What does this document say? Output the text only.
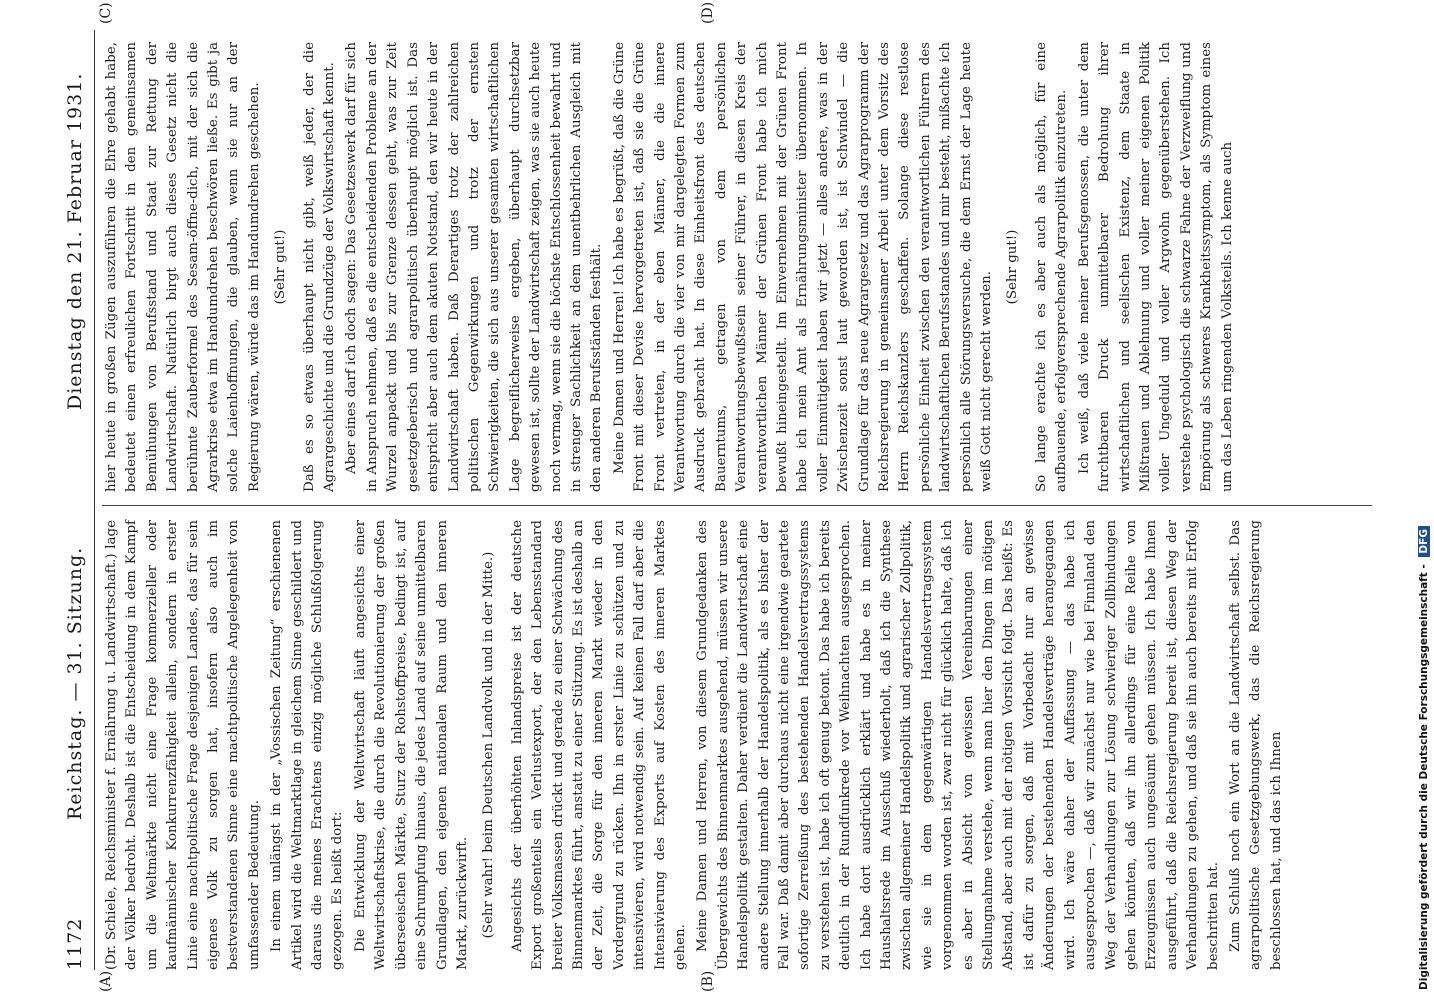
1172
Reichstag. — 31. Sitzung.
Dienstag den 21. Februar 1931.
(A)	(B)
(C)	(D)

(Dr. Schiele, Reichsminister f. Ernährung u. Landwirtschaft.) lage der Völker bedroht. Deshalb ist die Entscheidung in dem Kampf um die Weltmärkte nicht eine Frage kommerzieller oder kaufmännischer Konkurrenzfähigkeit allein, sondern in erster Linie eine machtpolitische Frage desjenigen Landes, das für sein eigenes Volk zu sorgen hat, insofern also auch im bestverstandenen Sinne eine machtpolitische Angelegenheit von umfassender Bedeutung. In einem unlängst in der „Vossischen Zeitung“ erschienenen Artikel wird die Weltmarktlage in gleichem Sinne geschildert und daraus die meines Erachtens einzig mögliche Schlußfolgerung gezogen. Es heißt dort: Die Entwicklung der Weltwirtschaft läuft angesichts einer Weltwirtschaftskrise, die durch die Revolutionierung der großen überseeischen Märkte, Sturz der Rohstoffpreise, bedingt ist, auf eine Schrumpfung hinaus, die jedes Land auf seine unmittelbaren Grundlagen, den eigenen nationalen Raum und den inneren Markt, zurückwirft. (Sehr wahr! beim Deutschen Landvolk und in der Mitte.) Angesichts der überhöhten Inlandspreise ist der deutsche Export großenteils ein Verlustexport, der den Lebensstandard breiter Volksmassen drückt und gerade zu einer Schwächung des Binnenmarktes führt, anstatt zu einer Stützung. Es ist deshalb an der Zeit, die Sorge für den inneren Markt wieder in den Vordergrund zu rücken. Ihn in erster Linie zu schützen und zu intensivieren, wird notwendig sein. Auf keinen Fall darf aber die Intensivierung des Exports auf Kosten des inneren Marktes gehen. Meine Damen und Herren, von diesem Grundgedanken des Übergewichts des Binnenmarktes ausgehend, müssen wir unsere Handelspolitik gestalten. Daher verdient die Landwirtschaft eine andere Stellung innerhalb der Handelspolitik, als es bisher der Fall war. Daß damit aber durchaus nicht eine irgendwie geartete sofortige Zerreißung des bestehenden Handelsvertragssystems zu verstehen ist, habe ich oft genug betont. Das habe ich bereits deutlich in der Rundfunkrede vor Weihnachten ausgesprochen. Ich habe dort ausdrücklich erklärt und habe es in meiner Haushaltsrede im Ausschuß wiederholt, daß ich die Synthese zwischen allgemeiner Handelspolitik und agrarischer Zollpolitik, wie sie in dem gegenwärtigen Handelsvertragssystem vorgenommen worden ist, zwar nicht für glücklich halte, daß ich es aber in Absicht von gewissen Vereinbarungen einer Stellungnahme verstehe, wenn man hier den Dingen im nötigen Abstand, aber auch mit der nötigen Vorsicht folgt. Das heißt: Es ist dafür zu sorgen, daß mit Vorbedacht nur an gewisse Änderungen der bestehenden Handelsverträge herangegangen wird. Ich wäre daher der Auffassung — das habe ich ausgesprochen —, daß wir zunächst nur wie bei Finnland den Weg der Verhandlungen zur Lösung schwieriger Zollbindungen gehen könnten, daß wir ihn allerdings für eine Reihe von Erzeugnissen auch ungesäumt gehen müssen. Ich habe Ihnen ausgeführt, daß die Reichsregierung bereit ist, diesen Weg der Verhandlungen zu gehen, und daß sie ihn auch bereits mit Erfolg beschritten hat. Zum Schluß noch ein Wort an die Landwirtschaft selbst. Das agrarpolitische Gesetzgebungswerk, das die Reichsregierung beschlossen hat, und das ich Ihnen

hier heute in großen Zügen auszuführen die Ehre gehabt habe, bedeutet einen erfreulichen Fortschritt in den gemeinsamen Bemühungen von Berufsstand und Staat zur Rettung der Landwirtschaft. Natürlich birgt auch dieses Gesetz nicht die berühmte Zauberformel des Sesam-öffne-dich, mit der sich die Agrarkrise etwa im Handumdrehen beschwören ließe. Es gibt ja solche Laienhoffnungen, die glauben, wenn sie nur an der Regierung wären, würde das im Handumdrehen geschehen. (Sehr gut!) Daß es so etwas überhaupt nicht gibt, weiß jeder, der die Agrargeschichte und die Grundzüge der Volkswirtschaft kennt. Aber eines darf ich doch sagen: Das Gesetzeswerk darf für sich in Anspruch nehmen, daß es die entscheidenden Probleme an der Wurzel anpackt und bis zur Grenze dessen geht, was zur Zeit gesetzgeberisch und agrarpolitisch überhaupt möglich ist. Das entspricht aber auch dem akuten Notstand, den wir heute in der Landwirtschaft haben. Daß Derartiges trotz der zahlreichen politischen Gegenwirkungen und trotz der ernsten Schwierigkeiten, die sich aus unserer gesamten wirtschaftlichen Lage begreiflicherweise ergeben, überhaupt durchsetzbar gewesen ist, sollte der Landwirtschaft zeigen, was sie auch heute noch vermag, wenn sie die höchste Entschlossenheit bewahrt und in strenger Sachlichkeit an dem unentbehrlichen Ausgleich mit den anderen Berufsständen festhält. Meine Damen und Herren! Ich habe es begrüßt, daß die Grüne Front mit dieser Devise hervorgetreten ist, daß sie die Grüne Front vertreten, in der eben Männer, die die innere Verantwortung durch die vier von mir dargelegten Formen zum Ausdruck gebracht hat. In diese Einheitsfront des deutschen Bauerntums, getragen von dem persönlichen Verantwortungsbewußtsein seiner Führer, in diesen Kreis der verantwortlichen Männer der Grünen Front habe ich mich bewußt hineingestellt. Im Einvernehmen mit der Grünen Front habe ich mein Amt als Ernährungsminister übernommen. In voller Einmütigkeit haben wir jetzt — alles andere, was in der Zwischenzeit sonst laut geworden ist, ist Schwindel — die Grundlage für das neue Agrargesetz und das Agrarprogramm der Reichsregierung in gemeinsamer Arbeit unter dem Vorsitz des Herrn Reichskanzlers geschaffen. Solange diese restlose persönliche Einheit zwischen den verantwortlichen Führern des landwirtschaftlichen Berufsstandes und mir besteht, mißachte ich persönlich alle Störungsversuche, die dem Ernst der Lage heute weiß Gott nicht gerecht werden.

(Sehr gut!) So lange erachte ich es aber auch als möglich, für eine aufbauende, erfolgversprechende Agrarpolitik einzutreten. Ich weiß, daß viele meiner Berufsgenossen, die unter dem furchtbaren Druck unmittelbarer Bedrohung ihrer wirtschaftlichen und seelischen Existenz, dem Staate in Mißtrauen und Ablehnung und voller meiner eigenen Politik voller Ungeduld und voller Argwohn gegenüberstehen. Ich verstehe psychologisch die schwarze Fahne der Verzweiflung und Empörung als schweres Krankheitssymptom, als Symptom eines um das Leben ringenden Volksteils. Ich kenne auch

Digitalisierung gefördert durch die Deutsche Forschungsgemeinschaft - DFG
